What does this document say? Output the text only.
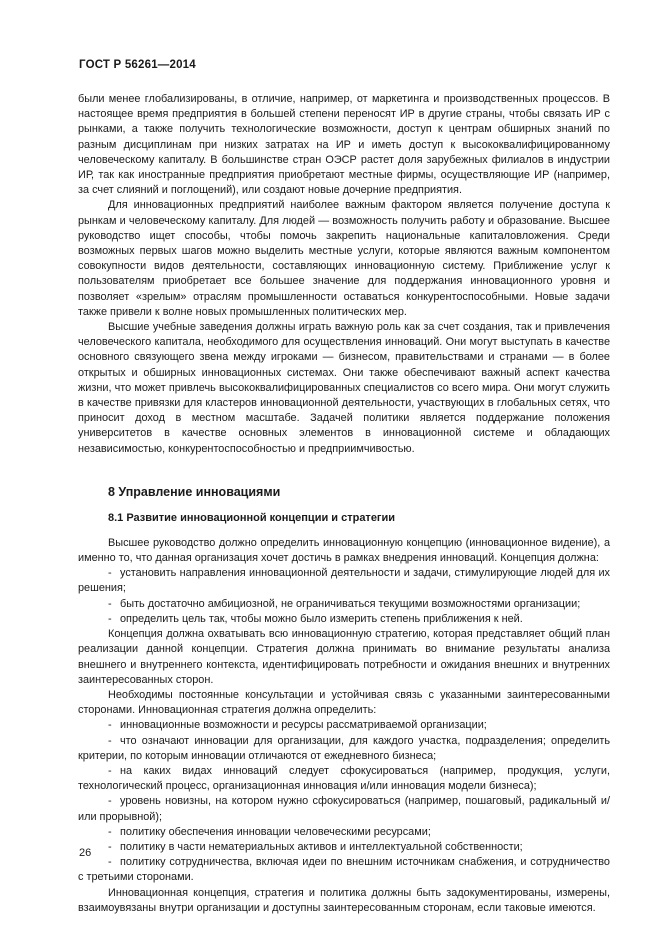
ГОСТ Р 56261—2014

были менее глобализированы, в отличие, например, от маркетинга и производственных процессов. В настоящее время предприятия в большей степени переносят ИР в другие страны, чтобы связать ИР с рынками, а также получить технологические возможности, доступ к центрам обширных знаний по разным дисциплинам при низких затратах на ИР и иметь доступ к высококвалифицированному человеческому капиталу. В большинстве стран ОЭСР растет доля зарубежных филиалов в индустрии ИР, так как иностранные предприятия приобретают местные фирмы, осуществляющие ИР (например, за счет слияний и поглощений), или создают новые дочерние предприятия.

Для инновационных предприятий наиболее важным фактором является получение доступа к рынкам и человеческому капиталу. Для людей — возможность получить работу и образование. Высшее руководство ищет способы, чтобы помочь закрепить национальные капиталовложения. Среди возможных первых шагов можно выделить местные услуги, которые являются важным компонентом совокупности видов деятельности, составляющих инновационную систему. Приближение услуг к пользователям приобретает все большее значение для поддержания инновационного уровня и позволяет «зрелым» отраслям промышленности оставаться конкурентоспособными. Новые задачи также привели к волне новых промышленных политических мер.

Высшие учебные заведения должны играть важную роль как за счет создания, так и привлечения человеческого капитала, необходимого для осуществления инноваций. Они могут выступать в качестве основного связующего звена между игроками — бизнесом, правительствами и странами — в более открытых и обширных инновационных системах. Они также обеспечивают важный аспект качества жизни, что может привлечь высококвалифицированных специалистов со всего мира. Они могут служить в качестве привязки для кластеров инновационной деятельности, участвующих в глобальных сетях, что приносит доход в местном масштабе. Задачей политики является поддержание положения университетов в качестве основных элементов в инновационной системе и обладающих независимостью, конкурентоспособностью и предприимчивостью.

8 Управление инновациями
8.1 Развитие инновационной концепции и стратегии

Высшее руководство должно определить инновационную концепцию (инновационное видение), а именно то, что данная организация хочет достичь в рамках внедрения инноваций. Концепция должна:

- установить направления инновационной деятельности и задачи, стимулирующие людей для их решения;
- быть достаточно амбициозной, не ограничиваться текущими возможностями организации;
- определить цель так, чтобы можно было измерить степень приближения к ней.

Концепция должна охватывать всю инновационную стратегию, которая представляет общий план реализации данной концепции. Стратегия должна принимать во внимание результаты анализа внешнего и внутреннего контекста, идентифицировать потребности и ожидания внешних и внутренних заинтересованных сторон.

Необходимы постоянные консультации и устойчивая связь с указанными заинтересованными сторонами. Инновационная стратегия должна определить:

- инновационные возможности и ресурсы рассматриваемой организации;
- что означают инновации для организации, для каждого участка, подразделения; определить критерии, по которым инновации отличаются от ежедневного бизнеса;
- на каких видах инноваций следует сфокусироваться (например, продукция, услуги, технологический процесс, организационная инновация и/или инновация модели бизнеса);
- уровень новизны, на котором нужно сфокусироваться (например, пошаговый, радикальный и/или прорывной);
- политику обеспечения инновации человеческими ресурсами;
- политику в части нематериальных активов и интеллектуальной собственности;
- политику сотрудничества, включая идеи по внешним источникам снабжения, и сотрудничество с третьими сторонами.

Инновационная концепция, стратегия и политика должны быть задокументированы, измерены, взаимоувязаны внутри организации и доступны заинтересованным сторонам, если таковые имеются.

26
